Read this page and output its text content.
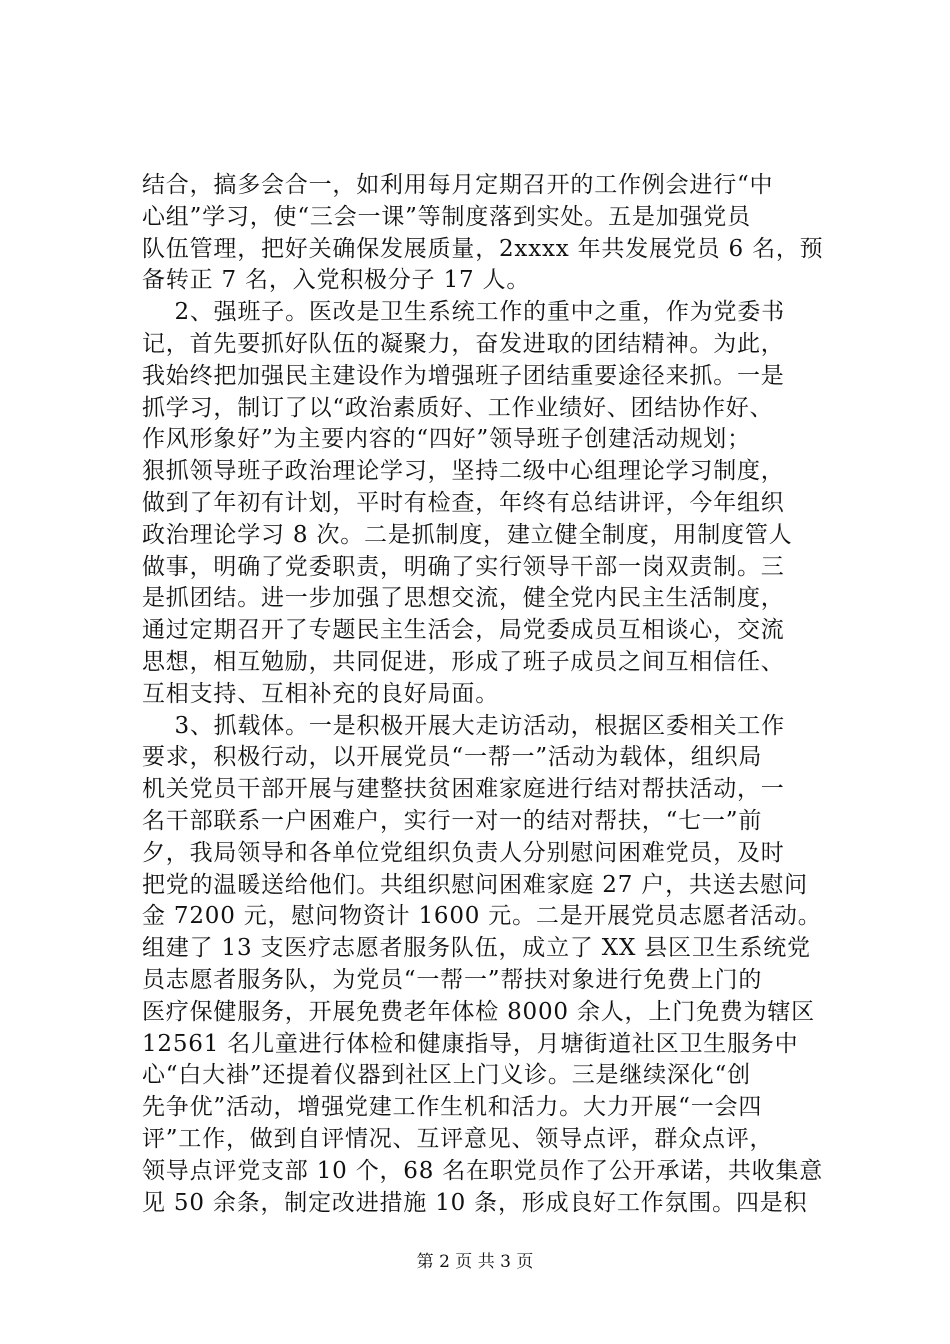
结合，搞多会合一，如利用每月定期召开的工作例会进行“中
心组”学习，使“三会一课”等制度落到实处。五是加强党员
队伍管理，把好关确保发展质量，2xxxx 年共发展党员 6 名，预
备转正 7 名，入党积极分子 17 人。
2、强班子。医改是卫生系统工作的重中之重，作为党委书
记，首先要抓好队伍的凝聚力，奋发进取的团结精神。为此，
我始终把加强民主建设作为增强班子团结重要途径来抓。一是
抓学习，制订了以“政治素质好、工作业绩好、团结协作好、
作风形象好”为主要内容的“四好”领导班子创建活动规划；
狠抓领导班子政治理论学习，坚持二级中心组理论学习制度，
做到了年初有计划，平时有检查，年终有总结讲评，今年组织
政治理论学习 8 次。二是抓制度，建立健全制度，用制度管人
做事，明确了党委职责，明确了实行领导干部一岗双责制。三
是抓团结。进一步加强了思想交流，健全党内民主生活制度，
通过定期召开了专题民主生活会，局党委成员互相谈心，交流
思想，相互勉励，共同促进，形成了班子成员之间互相信任、
互相支持、互相补充的良好局面。
3、抓载体。一是积极开展大走访活动，根据区委相关工作
要求，积极行动，以开展党员“一帮一”活动为载体，组织局
机关党员干部开展与建整扶贫困难家庭进行结对帮扶活动，一
名干部联系一户困难户，实行一对一的结对帮扶，“七一”前
夕，我局领导和各单位党组织负责人分别慰问困难党员，及时
把党的温暖送给他们。共组织慰问困难家庭 27 户，共送去慰问
金 7200 元，慰问物资计 1600 元。二是开展党员志愿者活动。
组建了 13 支医疗志愿者服务队伍，成立了 XX 县区卫生系统党
员志愿者服务队，为党员“一帮一”帮扶对象进行免费上门的
医疗保健服务，开展免费老年体检 8000 余人，上门免费为辖区
12561 名儿童进行体检和健康指导，月塘街道社区卫生服务中
心“白大褂”还提着仪器到社区上门义诊。三是继续深化“创
先争优”活动，增强党建工作生机和活力。大力开展“一会四
评”工作，做到自评情况、互评意见、领导点评，群众点评，
领导点评党支部 10 个，68 名在职党员作了公开承诺，共收集意
见 50 余条，制定改进措施 10 条，形成良好工作氛围。四是积
第 2 页 共 3 页
